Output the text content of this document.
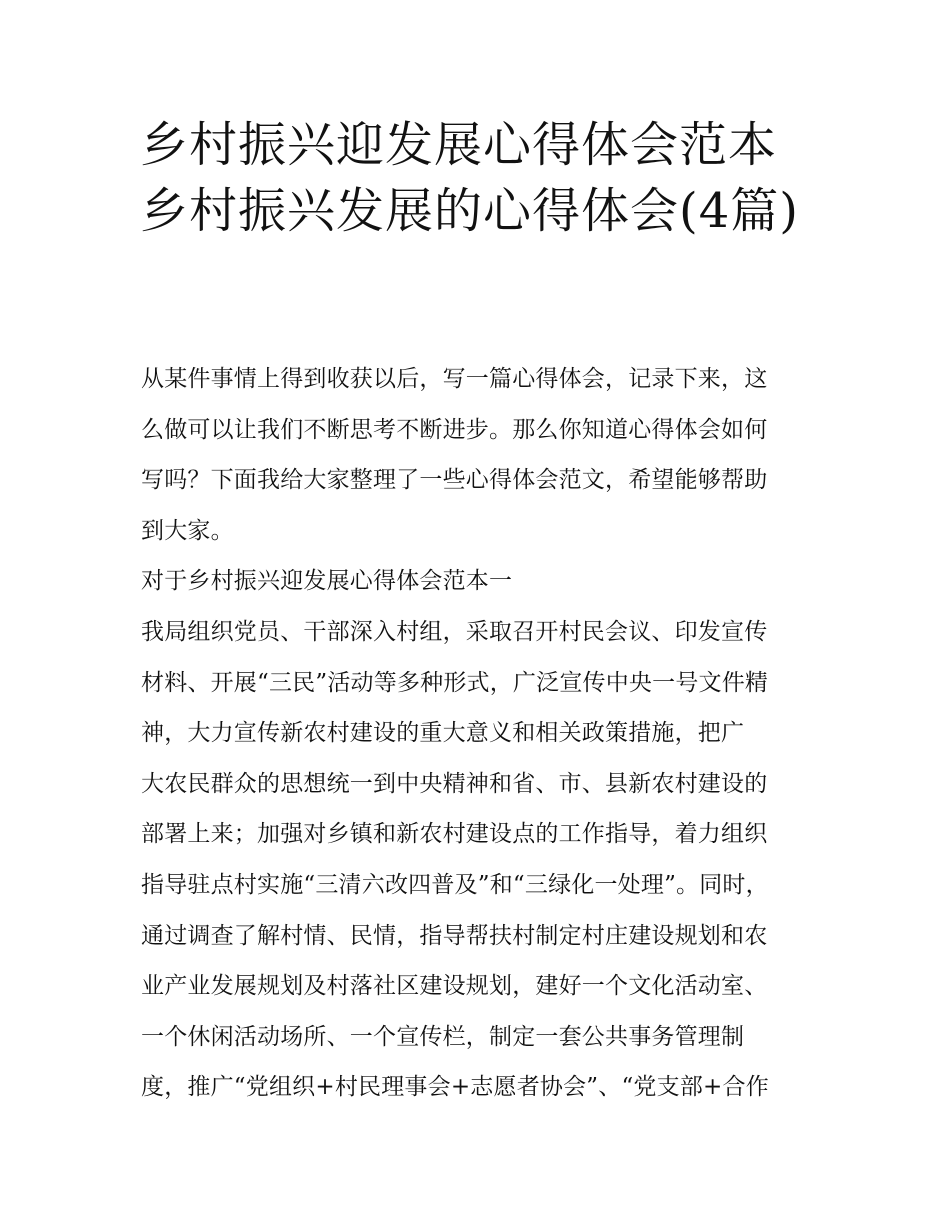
乡村振兴迎发展心得体会范本乡村振兴发展的心得体会(4篇)
从某件事情上得到收获以后，写一篇心得体会，记录下来，这
么做可以让我们不断思考不断进步。那么你知道心得体会如何
写吗？下面我给大家整理了一些心得体会范文，希望能够帮助
到大家。
对于乡村振兴迎发展心得体会范本一
我局组织党员、干部深入村组，采取召开村民会议、印发宣传
材料、开展“三民”活动等多种形式，广泛宣传中央一号文件精
神，大力宣传新农村建设的重大意义和相关政策措施，把广
大农民群众的思想统一到中央精神和省、市、县新农村建设的
部署上来；加强对乡镇和新农村建设点的工作指导，着力组织
指导驻点村实施“三清六改四普及”和“三绿化一处理”。同时，
通过调查了解村情、民情，指导帮扶村制定村庄建设规划和农
业产业发展规划及村落社区建设规划，建好一个文化活动室、
一个休闲活动场所、一个宣传栏，制定一套公共事务管理制
度，推广“党组织+村民理事会+志愿者协会”、“党支部+合作
